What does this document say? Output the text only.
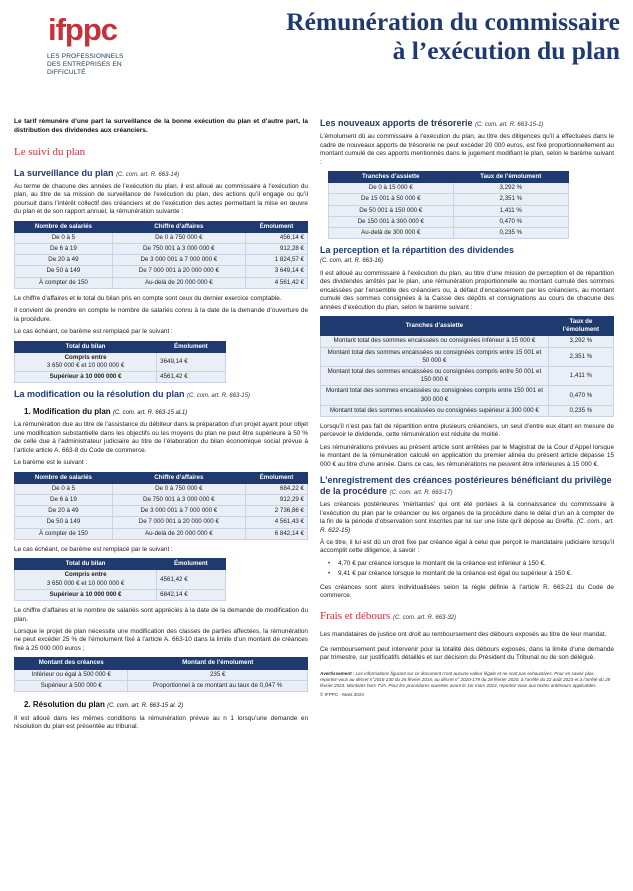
ifppc
LES PROFESSIONNELS
DES ENTREPRISES EN DIFFICULTÉ
Rémunération du commissaire
à l’exécution du plan

Le tarif rémunère d’une part la surveillance de la bonne exécution du plan et d’autre part, la distribution des dividendes aux créanciers.

Le suivi du plan
La surveillance du plan (C. com. art. R. 663-14)

Au terme de chacune des années de l’exécution du plan, il est alloué au commissaire à l’exécution du plan, au titre de sa mission de surveillance de l’exécution du plan, des actions qu’il engage ou qu’il poursuit dans l’intérêt collectif des créanciers et de l’exécution des actes permettant la mise en œuvre du plan et de son rapport annuel, la rémunération suivante :

Nombre de salariés	Chiffre d’affaires	Émolument
De 0 à 5	De 0 à 750 000 €	456,14 €
De 6 à 19	De 750 001 à 3 000 000 €	912,28 €
De 20 à 49	De 3 000 001 à 7 000 000 €	1 824,57 €
De 50 à 149	De 7 000 001 à 20 000 000 €	3 649,14 €
À compter de 150	Au-delà de 20 000 000 €	4 561,42 €

Le chiffre d’affaires et le total du bilan pris en compte sont ceux du dernier exercice comptable.

Il convient de prendre en compte le nombre de salariés connu à la date de la demande d’ouverture de la procédure.

Le cas échéant, ce barème est remplacé par le suivant :

Total du bilan	Émolument
Compris entre
3 650 000 € et 10 000 000 €	3649,14 €
Supérieur à 10 000 000 €	4561,42 €
La modification ou la résolution du plan (C. com. art. R. 663-15)
1. Modification du plan (C. com. art. R. 663-15 al.1)

La rémunération due au titre de l’assistance du débiteur dans la préparation d’un projet ayant pour objet une modification substantielle dans les objectifs ou les moyens du plan ne peut être supérieure à 50 % de celle due à l’administrateur judiciaire au titre de l’élaboration du bilan économique social prévue à l’article article A. 663-8 du Code de commerce.

Le barème est le suivant :

Nombre de salariés	Chiffre d’affaires	Émolument
De 0 à 5	De 0 à 750 000 €	684,22 €
De 6 à 19	De 750 001 à 3 000 000 €	912,29 €
De 20 à 49	De 3 000 001 à 7 000 000 €	2 736,86 €
De 50 à 149	De 7 000 001 à 20 000 000 €	4 561,43 €
À compter de 150	Au-delà de 20 000 000 €	6 842,14 €

Le cas échéant, ce barème est remplacé par le suivant :

Total du bilan	Émolument
Compris entre
3 650 000 € et 10 000 000 €	4561,42 €
Supérieur à 10 000 000 €	6842,14 €

Le chiffre d’affaires et le nombre de salariés sont appréciés à la date de la demande de modification du plan.

Lorsque le projet de plan nécessite une modification des classes de parties affectées, la rémunération ne peut excéder 25 % de l’émolument fixé à l’article A. 663-10 dans la limite d’un montant de créances fixé à 25 000 000 euros ;

Montant des créances	Montant de l’émolument
Inférieur ou égal à 500 000 €	235 €
Supérieur à 500 000 €	Proportionnel à ce montant au taux de 0,047 %
2. Résolution du plan (C. com. art. R. 663-15 al. 2)

Il est alloué dans les mêmes conditions la rémunération prévue au n 1 lorsqu’une demande en résolution du plan est présentée au tribunal.

Les nouveaux apports de trésorerie (C. com. art. R. 663-15-1)

L’émolument dû au commissaire à l’exécution du plan, au titre des diligences qu’il a effectuées dans le cadre de nouveaux apports de trésorerie ne peut excéder 20 000 euros, est fixé proportionnellement au montant cumulé de ces apports mentionnés dans le jugement modifiant le plan, selon le barème suivant :

Tranches d’assiette	Taux de l’émolument
De 0 à 15 000 €	3,292 %
De 15 001 à 50 000 €	2,351 %
De 50 001 à 150 000 €	1,411 %
De 150 001 à 300 000 €	0,470 %
Au-delà de 300 000 €	0,235 %
La perception et la répartition des dividendes
(C. com. art. R. 663-16)

Il est alloué au commissaire à l’exécution du plan, au titre d’une mission de perception et de répartition des dividendes arrêtés par le plan, une rémunération proportionnelle au montant cumulé des sommes encaissées par l’ensemble des créanciers ou, à défaut d’encaissement par les créanciers, au montant cumulé des sommes consignées à la Caisse des dépôts et consignations au cours de chacune des années d’exécution du plan, selon le barème suivant :

Tranches d’assiette	Taux de l’émolument
Montant total des sommes encaissées ou consignées inférieur à 15 000 €	3,292 %
Montant total des sommes encaissées ou consignées compris entre 15 001 et 50 000 €	2,351 %
Montant total des sommes encaissées ou consignées compris entre 50 001 et 150 000 €	1,411 %
Montant total des sommes encaissées ou consignées compris entre 150 001 et 300 000 €	0,470 %
Montant total des sommes encaissées ou consignées supérieur à 300 000 €	0,235 %

Lorsqu’il n’est pas fait de répartition entre plusieurs créanciers, un seul d’entre eux étant en mesure de percevoir le dividende, cette rémunération est réduite de moitié.

Les rémunérations prévues au présent article sont arrêtées par le Magistrat de la Cour d’Appel lorsque le montant de la rémunération calculé en application du premier alinéa du présent article dépasse 15 000 € au titre d’une année. Dans ce cas, les rémunérations ne peuvent être inférieures à 15 000 €.

L’enregistrement des créances postérieures bénéficiant du privilège de la procédure (C. com. art. R. 663-17)

Les créances postérieures ‘méritantes’ qui ont été portées à la connaissance du commissaire à l’exécution du plan par le créancier ou les organes de la procédure dans le délai d’un an à compter de la fin de la période d’observation sont inscrites par lui sur une liste qu’il dépose au Greffe. (C. com., art. R. 622-15)

À ce titre, il lui est dû un droit fixe par créance égal à celui que perçoit le mandataire judiciaire lorsqu’il accomplit cette diligence, à savoir :

• 4,70 € par créance lorsque le montant de la créance est inférieur à 150 €.
• 9,41 € par créance lorsque le montant de la créance est égal ou supérieur à 150 €.

Ces créances sont alors individualisées selon la règle définie à l’article R. 663-21 du Code de commerce.

Frais et débours (C. com. art. R. 663-32)

Les mandataires de justice ont droit au remboursement des débours exposés au titre de leur mandat.

Ce remboursement peut intervenir pour la totalité des débours exposés, dans la limite d’une demande par trimestre, sur justificatifs détaillés et sur décision du Président du Tribunal ou de son délégué.

Avertissement : Les informations figurant sur ce document n’ont aucune valeur légale et ne sont pas exhaustives. Pour en savoir plus, reportez-vous au décret n°2016-230 du 26 février 2016, au décret n° 2020-179 du 28 février 2020, à l’arrêté du 22 août 2023 et à l’arrêté du 28 février 2024. Montants hors TVA. Pour les procédures ouvertes avant le 1er mars 2024, reportez-vous aux textes antérieurs applicables.
© IFPPC - Mars 2024
